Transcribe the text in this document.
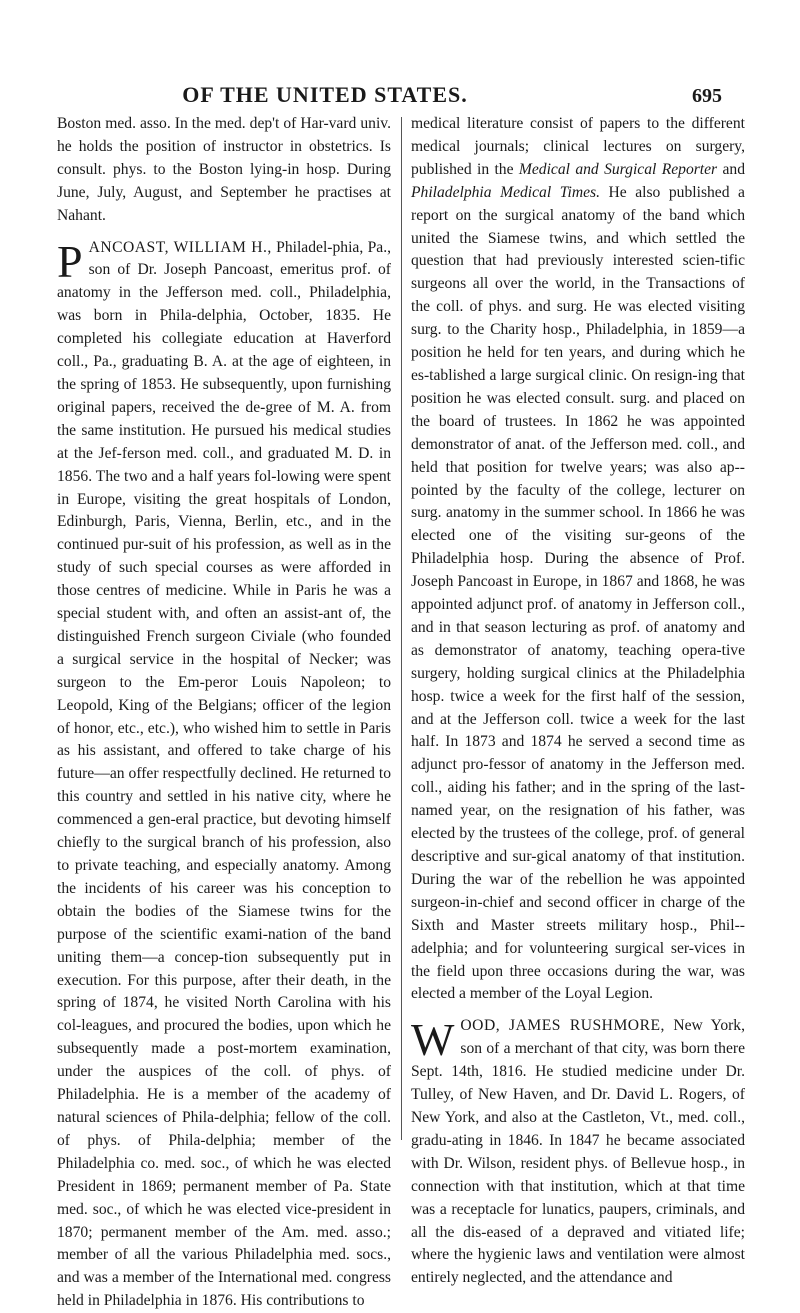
OF THE UNITED STATES.	695

Boston med. asso. In the med. dep't of Har-vard univ. he holds the position of instructor in obstetrics. Is consult. phys. to the Boston lying-in hosp. During June, July, August, and September he practises at Nahant.

PANCOAST, WILLIAM H., Philadel-phia, Pa., son of Dr. Joseph Pancoast, emeritus prof. of anatomy in the Jefferson med. coll., Philadelphia, was born in Phila-delphia, October, 1835. He completed his collegiate education at Haverford coll., Pa., graduating B. A. at the age of eighteen, in the spring of 1853. He subsequently, upon furnishing original papers, received the de-gree of M. A. from the same institution. He pursued his medical studies at the Jef-ferson med. coll., and graduated M. D. in 1856. The two and a half years fol-lowing were spent in Europe, visiting the great hospitals of London, Edinburgh, Paris, Vienna, Berlin, etc., and in the continued pur-suit of his profession, as well as in the study of such special courses as were afforded in those centres of medicine. While in Paris he was a special student with, and often an assist-ant of, the distinguished French surgeon Civiale (who founded a surgical service in the hospital of Necker; was surgeon to the Em-peror Louis Napoleon; to Leopold, King of the Belgians; officer of the legion of honor, etc., etc.), who wished him to settle in Paris as his assistant, and offered to take charge of his future—an offer respectfully declined. He returned to this country and settled in his native city, where he commenced a gen-eral practice, but devoting himself chiefly to the surgical branch of his profession, also to private teaching, and especially anatomy. Among the incidents of his career was his conception to obtain the bodies of the Siamese twins for the purpose of the scientific exami-nation of the band uniting them—a concep-tion subsequently put in execution. For this purpose, after their death, in the spring of 1874, he visited North Carolina with his col-leagues, and procured the bodies, upon which he subsequently made a post-mortem examination, under the auspices of the coll. of phys. of Philadelphia. He is a member of the academy of natural sciences of Phila-delphia; fellow of the coll. of phys. of Phila-delphia; member of the Philadelphia co. med. soc., of which he was elected President in 1869; permanent member of Pa. State med. soc., of which he was elected vice-president in 1870; permanent member of the Am. med. asso.; member of all the various Philadelphia med. socs., and was a member of the International med. congress held in Philadelphia in 1876. His contributions to

medical literature consist of papers to the different medical journals; clinical lectures on surgery, published in the Medical and Surgical Reporter and Philadelphia Medical Times. He also published a report on the surgical anatomy of the band which united the Siamese twins, and which settled the question that had previously interested scien-tific surgeons all over the world, in the Transactions of the coll. of phys. and surg. He was elected visiting surg. to the Charity hosp., Philadelphia, in 1859—a position he held for ten years, and during which he es-tablished a large surgical clinic. On resign-ing that position he was elected consult. surg. and placed on the board of trustees. In 1862 he was appointed demonstrator of anat. of the Jefferson med. coll., and held that position for twelve years; was also ap-pointed by the faculty of the college, lecturer on surg. anatomy in the summer school. In 1866 he was elected one of the visiting sur-geons of the Philadelphia hosp. During the absence of Prof. Joseph Pancoast in Europe, in 1867 and 1868, he was appointed adjunct prof. of anatomy in Jefferson coll., and in that season lecturing as prof. of anatomy and as demonstrator of anatomy, teaching opera-tive surgery, holding surgical clinics at the Philadelphia hosp. twice a week for the first half of the session, and at the Jefferson coll. twice a week for the last half. In 1873 and 1874 he served a second time as adjunct pro-fessor of anatomy in the Jefferson med. coll., aiding his father; and in the spring of the last-named year, on the resignation of his father, was elected by the trustees of the college, prof. of general descriptive and sur-gical anatomy of that institution. During the war of the rebellion he was appointed surgeon-in-chief and second officer in charge of the Sixth and Master streets military hosp., Phil-adelphia; and for volunteering surgical ser-vices in the field upon three occasions during the war, was elected a member of the Loyal Legion.

WOOD, JAMES RUSHMORE, New York, son of a merchant of that city, was born there Sept. 14th, 1816. He studied medicine under Dr. Tulley, of New Haven, and Dr. David L. Rogers, of New York, and also at the Castleton, Vt., med. coll., gradu-ating in 1846. In 1847 he became associated with Dr. Wilson, resident phys. of Bellevue hosp., in connection with that institution, which at that time was a receptacle for lunatics, paupers, criminals, and all the dis-eased of a depraved and vitiated life; where the hygienic laws and ventilation were almost entirely neglected, and the attendance and
